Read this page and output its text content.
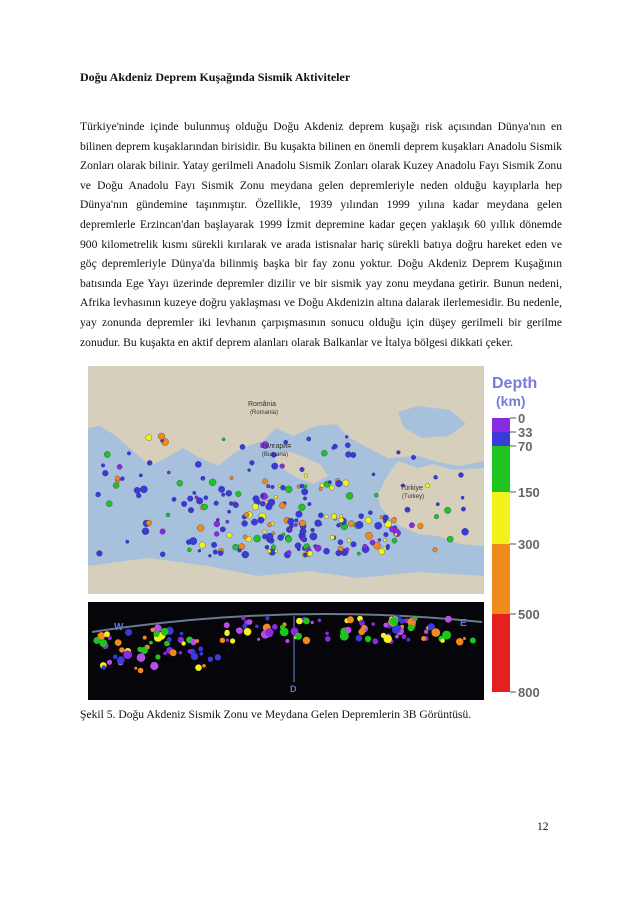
Doğu Akdeniz Deprem Kuşağında Sismik Aktiviteler

Türkiye'ninde içinde bulunmuş olduğu Doğu Akdeniz deprem kuşağı risk açısından Dünya'nın en bilinen deprem kuşaklarından birisidir. Bu kuşakta bilinen en önemli deprem kuşakları Anadolu Sismik Zonları olarak bilinir. Yatay gerilmeli Anadolu Sismik Zonları olarak Kuzey Anadolu Fayı Sismik Zonu ve Doğu Anadolu Fayı Sismik Zonu meydana gelen depremleriyle neden olduğu kayıplarla hep Dünya'nın gündemine taşınmıştır. Özellikle, 1939 yılından 1999 yılına kadar meydana gelen depremlerle Erzincan'dan başlayarak 1999 İzmit depremine kadar geçen yaklaşık 60 yıllık dönemde 900 kilometrelik kısmı sürekli kırılarak ve arada istisnalar hariç sürekli batıya doğru hareket eden ve göç depremleriyle Dünya'da bilinmiş başka bir fay zonu yoktur. Doğu Akdeniz Deprem Kuşağının batısında Ege Yayı üzerinde depremler dizilir ve bir sismik yay zonu meydana getirir. Bunun nedeni, Afrika levhasının kuzeye doğru yaklaşması ve Doğu Akdenizin altına dalarak ilerlemesidir. Bu nedenle, yay zonunda depremler iki levhanın çarpışmasının sonucu olduğu için düşey gerilmeli bir gerilme zonudur. Bu kuşakta en aktif deprem alanları olarak Balkanlar ve İtalya bölgesi dikkati çeker.

România
(Romania)
България
(Bulgaria)
Türkiye
(Turkey)
Depth
(km)
0
33
70
150
300
500
800
W	E
D
Şekil 5. Doğu Akdeniz Sismik Zonu ve Meydana Gelen Depremlerin 3B Görüntüsü.
12
